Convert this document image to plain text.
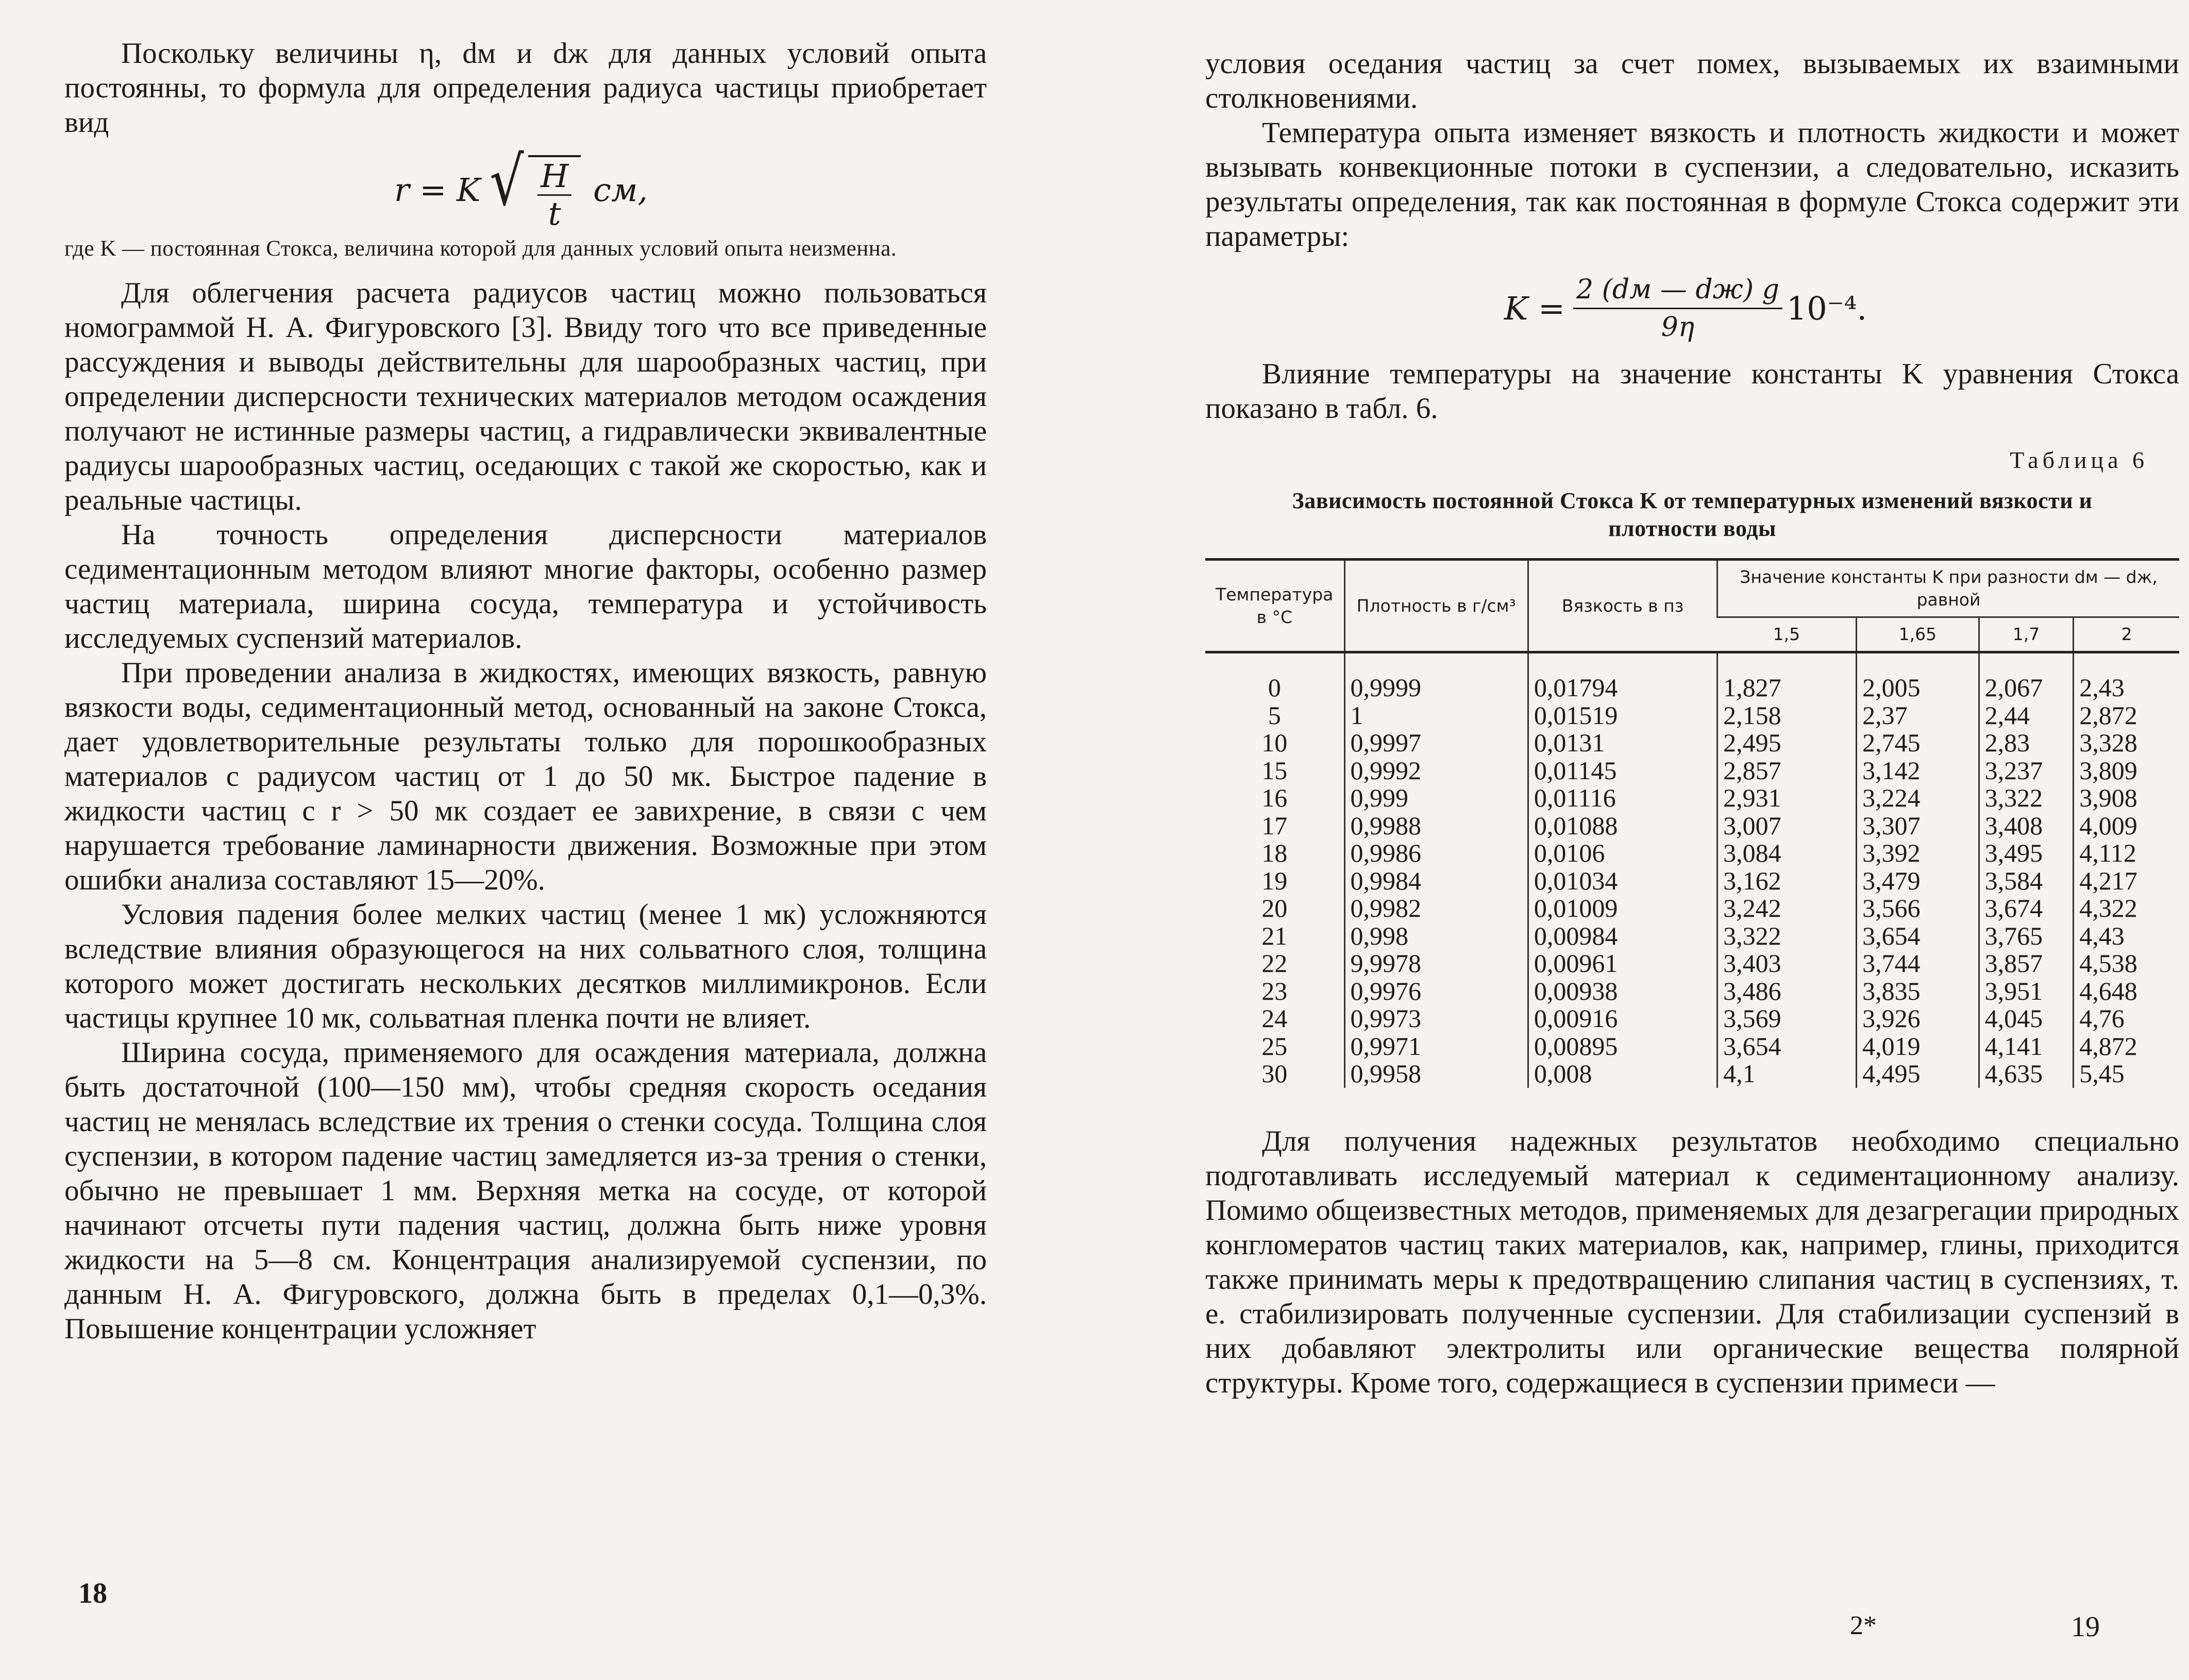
Поскольку величины η, dм и dж для данных условий опыта постоянны, то формула для определения радиуса частицы приобретает вид

r = K √ $\frac{H}{t}$ см,

где K — постоянная Стокса, величина которой для данных условий опыта неизменна.

Для облегчения расчета радиусов частиц можно пользоваться номограммой Н. А. Фигуровского [3]. Ввиду того что все приведенные рассуждения и выводы действительны для шарообразных частиц, при определении дисперсности технических материалов методом осаждения получают не истинные размеры частиц, а гидравлически эквивалентные радиусы шарообразных частиц, оседающих с такой же скоростью, как и реальные частицы.

На точность определения дисперсности материалов седиментационным методом влияют многие факторы, особенно размер частиц материала, ширина сосуда, температура и устойчивость исследуемых суспензий материалов.

При проведении анализа в жидкостях, имеющих вязкость, равную вязкости воды, седиментационный метод, основанный на законе Стокса, дает удовлетворительные результаты только для порошкообразных материалов с радиусом частиц от 1 до 50 мк. Быстрое падение в жидкости частиц с r > 50 мк создает ее завихрение, в связи с чем нарушается требование ламинарности движения. Возможные при этом ошибки анализа составляют 15—20%.

Условия падения более мелких частиц (менее 1 мк) усложняются вследствие влияния образующегося на них сольватного слоя, толщина которого может достигать нескольких десятков миллимикронов. Если частицы крупнее 10 мк, сольватная пленка почти не влияет.

Ширина сосуда, применяемого для осаждения материала, должна быть достаточной (100—150 мм), чтобы средняя скорость оседания частиц не менялась вследствие их трения о стенки сосуда. Толщина слоя суспензии, в котором падение частиц замедляется из-за трения о стенки, обычно не превышает 1 мм. Верхняя метка на сосуде, от которой начинают отсчеты пути падения частиц, должна быть ниже уровня жидкости на 5—8 см. Концентрация анализируемой суспензии, по данным Н. А. Фигуровского, должна быть в пределах 0,1—0,3%. Повышение концентрации усложняет

18

условия оседания частиц за счет помех, вызываемых их взаимными столкновениями.

Температура опыта изменяет вязкость и плотность жидкости и может вызывать конвекционные потоки в суспензии, а следовательно, исказить результаты определения, так как постоянная в формуле Стокса содержит эти параметры:

$K = \frac{2 (dм — dж) g}{9\eta} 10^{-4}$.

Влияние температуры на значение константы K уравнения Стокса показано в табл. 6.

Таблица 6
Зависимость постоянной Стокса K от температурных изменений вязкости и плотности воды
Температура в °C	Плотность в г/см³	Вязкость в пз	Значение константы K при разности dм — dж, равной			
			1,5	1,65	1,7	2
0	0,9999	0,01794	1,827	2,005	2,067	2,43
5	1	0,01519	2,158	2,37	2,44	2,872
10	0,9997	0,0131	2,495	2,745	2,83	3,328
15	0,9992	0,01145	2,857	3,142	3,237	3,809
16	0,999	0,01116	2,931	3,224	3,322	3,908
17	0,9988	0,01088	3,007	3,307	3,408	4,009
18	0,9986	0,0106	3,084	3,392	3,495	4,112
19	0,9984	0,01034	3,162	3,479	3,584	4,217
20	0,9982	0,01009	3,242	3,566	3,674	4,322
21	0,998	0,00984	3,322	3,654	3,765	4,43
22	9,9978	0,00961	3,403	3,744	3,857	4,538
23	0,9976	0,00938	3,486	3,835	3,951	4,648
24	0,9973	0,00916	3,569	3,926	4,045	4,76
25	0,9971	0,00895	3,654	4,019	4,141	4,872
30	0,9958	0,008	4,1	4,495	4,635	5,45

Для получения надежных результатов необходимо специально подготавливать исследуемый материал к седиментационному анализу. Помимо общеизвестных методов, применяемых для дезагрегации природных конгломератов частиц таких материалов, как, например, глины, приходится также принимать меры к предотвращению слипания частиц в суспензиях, т. е. стабилизировать полученные суспензии. Для стабилизации суспензий в них добавляют электролиты или органические вещества полярной структуры. Кроме того, содержащиеся в суспензии примеси —

2*	19
